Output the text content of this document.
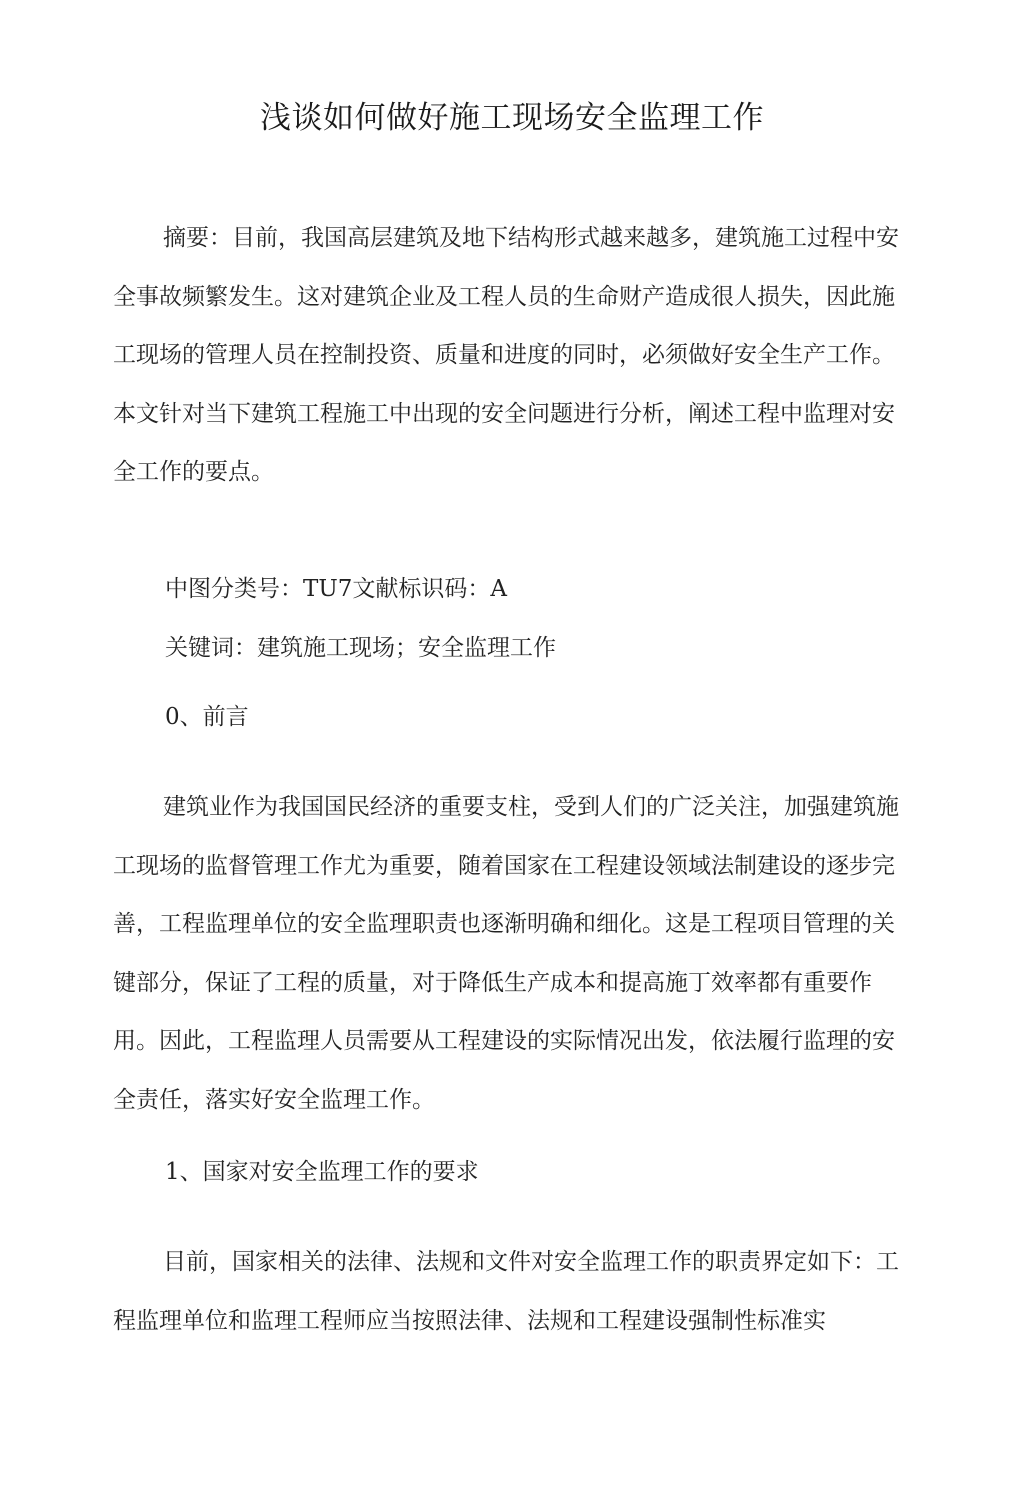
浅谈如何做好施工现场安全监理工作

摘要：目前，我国高层建筑及地下结构形式越来越多，建筑施工过程中安全事故频繁发生。这对建筑企业及工程人员的生命财产造成很人损失，因此施工现场的管理人员在控制投资、质量和进度的同时，必须做好安全生产工作。本文针对当下建筑工程施工中出现的安全问题进行分析，阐述工程中监理对安全工作的要点。

中图分类号：TU7文献标识码：A

关键词：建筑施工现场；安全监理工作

0、前言

建筑业作为我国国民经济的重要支柱，受到人们的广泛关注，加强建筑施工现场的监督管理工作尤为重要，随着国家在工程建设领域法制建设的逐步完善，工程监理单位的安全监理职责也逐渐明确和细化。这是工程项目管理的关键部分，保证了工程的质量，对于降低生产成本和提高施丁效率都有重要作用。因此，工程监理人员需要从工程建设的实际情况出发，依法履行监理的安全责任，落实好安全监理工作。

1、国家对安全监理工作的要求

目前，国家相关的法律、法规和文件对安全监理工作的职责界定如下：工程监理单位和监理工程师应当按照法律、法规和工程建设强制性标准实
